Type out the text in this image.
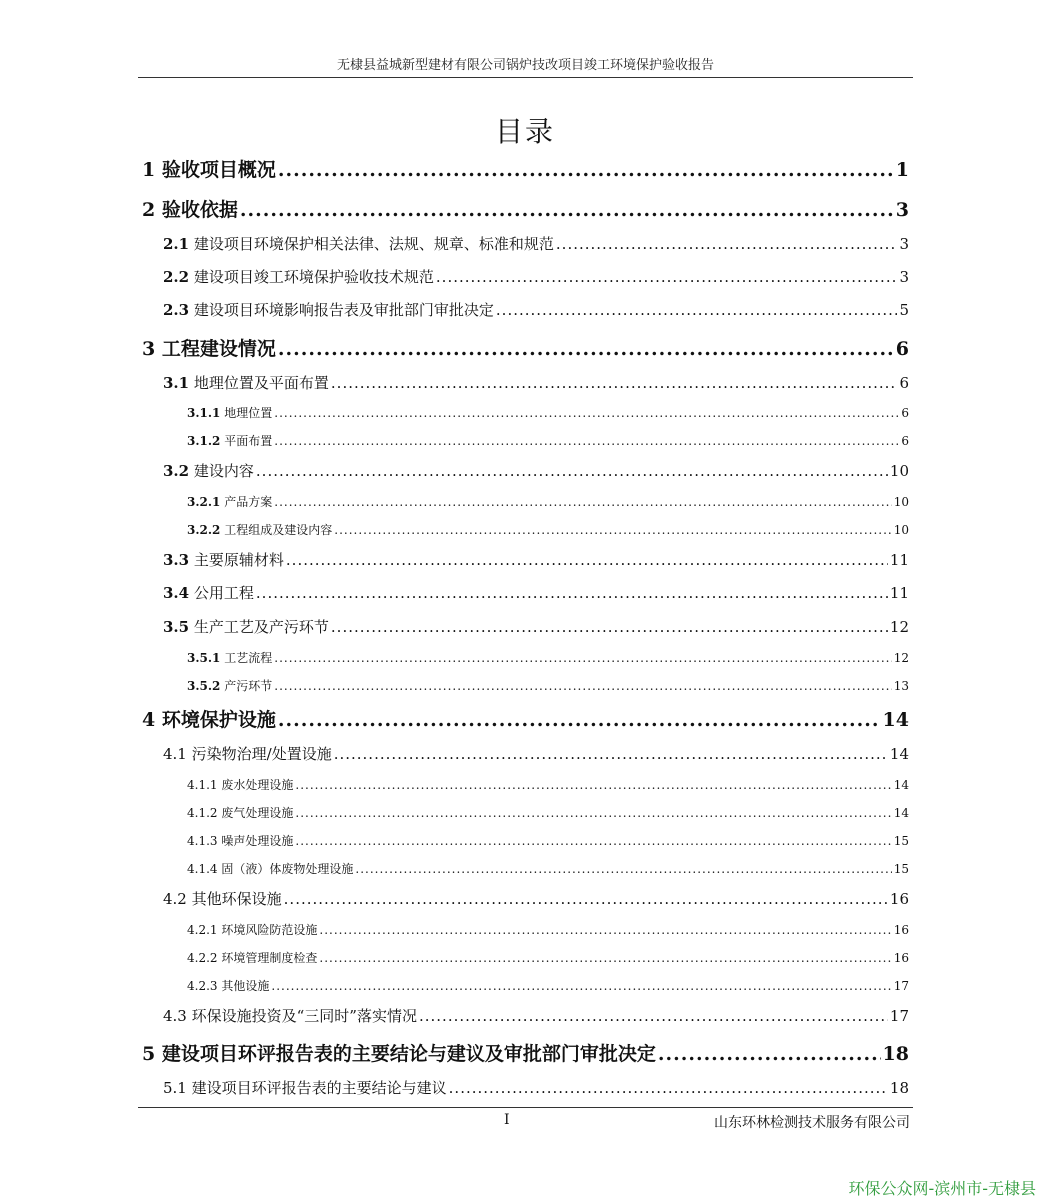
无棣县益城新型建材有限公司锅炉技改项目竣工环境保护验收报告
目录
1 验收项目概况 .....	1
2 验收依据 .....	3
2.1 建设项目环境保护相关法律、法规、规章、标准和规范 .....	3
2.2 建设项目竣工环境保护验收技术规范 .....	3
2.3 建设项目环境影响报告表及审批部门审批决定 .....	5
3 工程建设情况 .....	6
3.1 地理位置及平面布置 .....	6
3.1.1 地理位置 .....	6
3.1.2 平面布置 .....	6
3.2 建设内容 .....	10
3.2.1 产品方案 .....	10
3.2.2 工程组成及建设内容 .....	10
3.3 主要原辅材料 .....	11
3.4 公用工程 .....	11
3.5 生产工艺及产污环节 .....	12
3.5.1 工艺流程 .....	12
3.5.2 产污环节 .....	13
4 环境保护设施 .....	14
4.1 污染物治理/处置设施 .....	14
4.1.1 废水处理设施 .....	14
4.1.2 废气处理设施 .....	14
4.1.3 噪声处理设施 .....	15
4.1.4 固（液）体废物处理设施 .....	15
4.2 其他环保设施 .....	16
4.2.1 环境风险防范设施 .....	16
4.2.2 环境管理制度检查 .....	16
4.2.3 其他设施 .....	17
4.3 环保设施投资及“三同时”落实情况 .....	17
5 建设项目环评报告表的主要结论与建议及审批部门审批决定 .....	18
5.1 建设项目环评报告表的主要结论与建议 .....	18
I	山东环林检测技术服务有限公司
环保公众网-滨州市-无棣县
